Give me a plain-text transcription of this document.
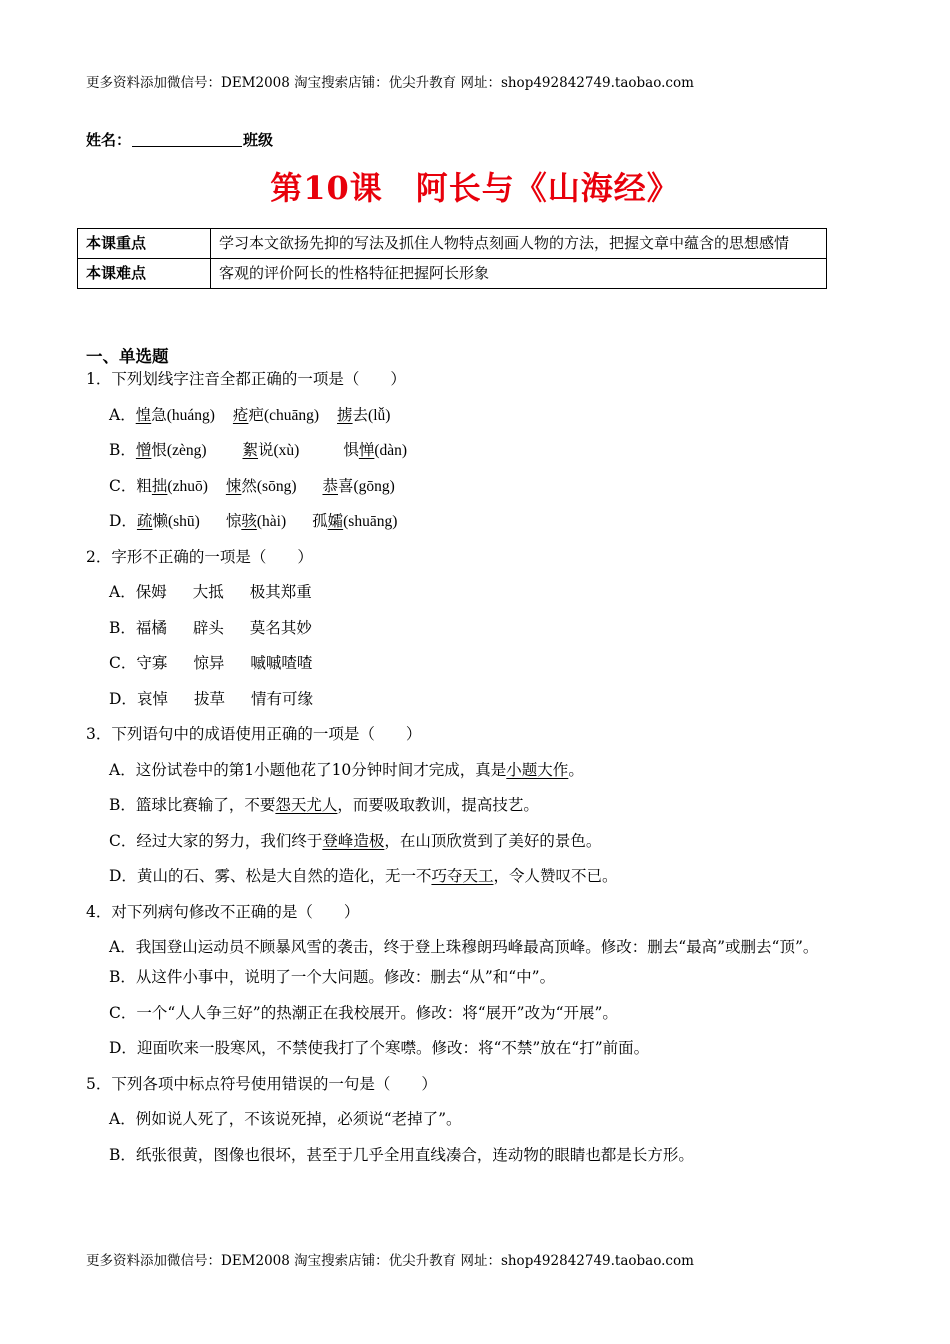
更多资料添加微信号：DEM2008 淘宝搜索店铺：优尖升教育 网址：shop492842749.taobao.com
姓名：	班级
第10课　阿长与《山海经》
本课重点	学习本文欲扬先抑的写法及抓住人物特点刻画人物的方法，把握文章中蕴含的思想感情
本课难点	客观的评价阿长的性格特征把握阿长形象
一、单选题
1．下列划线字注音全都正确的一项是（　　）
A．惶急(huáng) 疮疤(chuāng) 掳去(lǚ)
B．憎恨(zèng) 絮说(xù)	惧惮(dàn)
C．粗拙(zhuō) 悚然(sōng) 恭喜(gōng)
D．疏懒(shū) 惊骇(hài) 孤孀(shuāng)
2．字形不正确的一项是（　　）
A．保姆 大抵 极其郑重
B．福橘 辟头 莫名其妙
C．守寡 惊异 嘁嘁喳喳
D．哀悼 拔草 情有可缘
3．下列语句中的成语使用正确的一项是（　　）
A．这份试卷中的第1小题他花了10分钟时间才完成，真是小题大作。
B．篮球比赛输了，不要怨天尤人，而要吸取教训，提高技艺。
C．经过大家的努力，我们终于登峰造极，在山顶欣赏到了美好的景色。
D．黄山的石、雾、松是大自然的造化，无一不巧夺天工，令人赞叹不已。
4．对下列病句修改不正确的是（　　）
A．我国登山运动员不顾暴风雪的袭击，终于登上珠穆朗玛峰最高顶峰。修改：删去“最高”或删去“顶”。
B．从这件小事中，说明了一个大问题。修改：删去“从”和“中”。
C．一个“人人争三好”的热潮正在我校展开。修改：将“展开”改为“开展”。
D．迎面吹来一股寒风，不禁使我打了个寒噤。修改：将“不禁”放在“打”前面。
5．下列各项中标点符号使用错误的一句是（　　）
A．例如说人死了，不该说死掉，必须说“老掉了”。
B．纸张很黄，图像也很坏，甚至于几乎全用直线凑合，连动物的眼睛也都是长方形。
更多资料添加微信号：DEM2008 淘宝搜索店铺：优尖升教育 网址：shop492842749.taobao.com
